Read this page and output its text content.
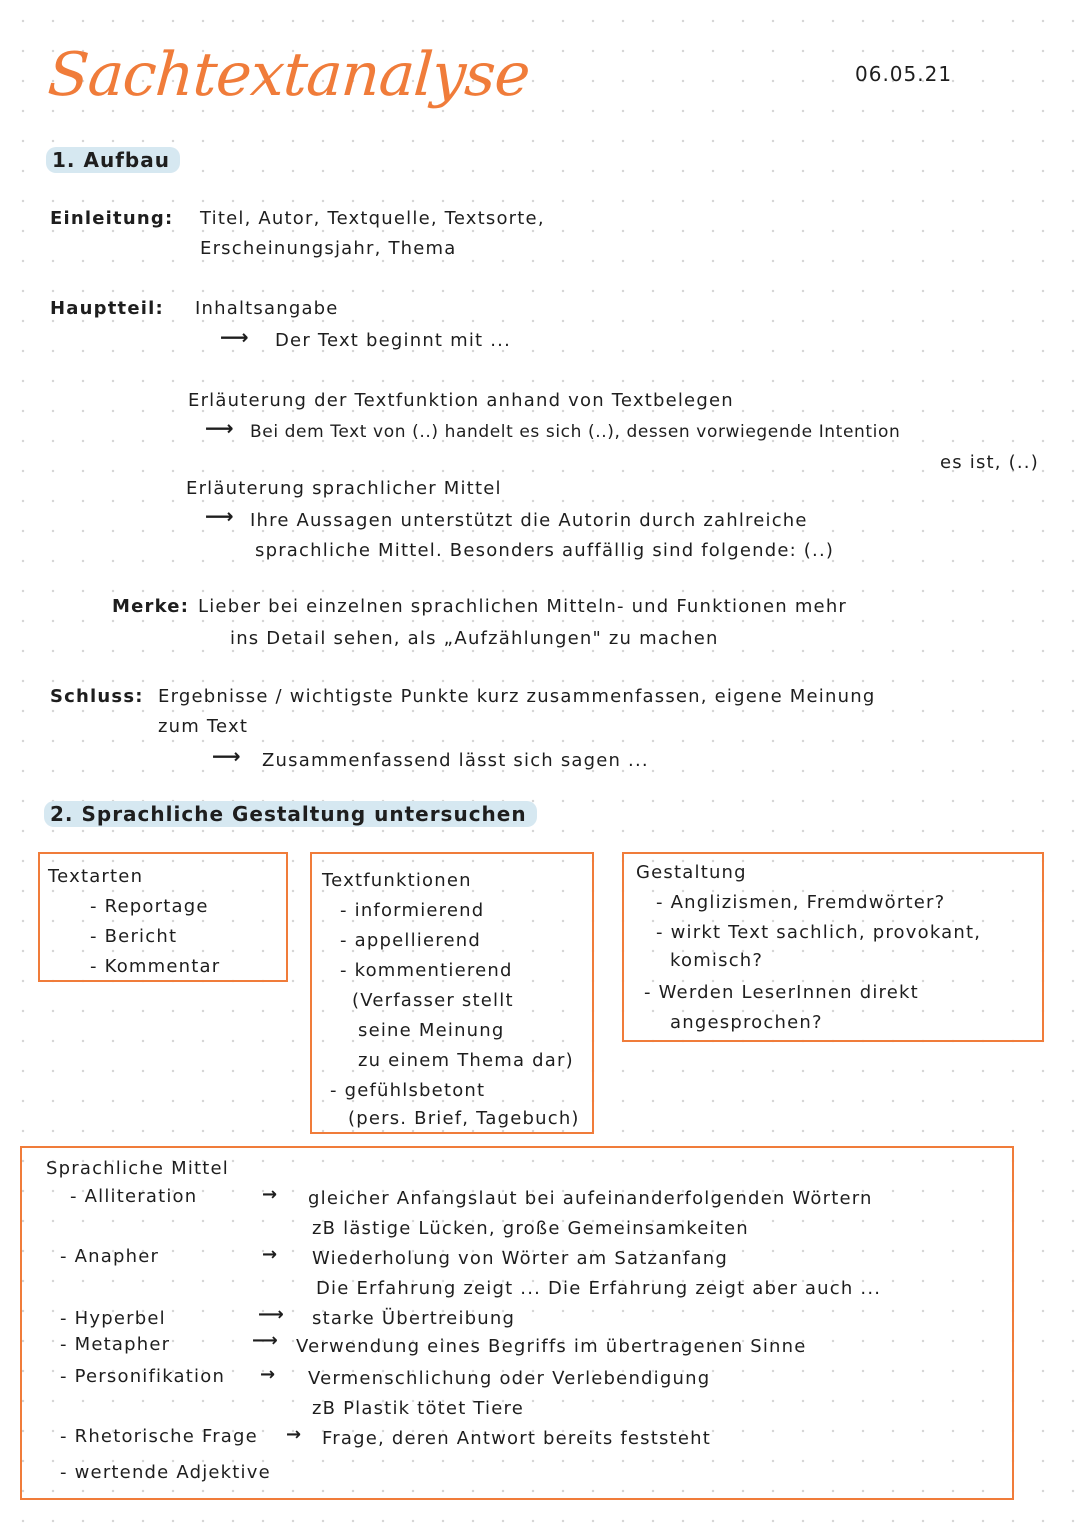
Sachtextanalyse	06.05.21
1. Aufbau
Einleitung: Titel, Autor, Textquelle, Textsorte,
Erscheinungsjahr, Thema
Hauptteil: Inhaltsangabe
⟶ Der Text beginnt mit ...
Erläuterung der Textfunktion anhand von Textbelegen
⟶ Bei dem Text von (..) handelt es sich (..), dessen vorwiegende Intention
es ist, (..)
Erläuterung sprachlicher Mittel
⟶ Ihre Aussagen unterstützt die Autorin durch zahlreiche
sprachliche Mittel. Besonders auffällig sind folgende: (..)
Merke: Lieber bei einzelnen sprachlichen Mitteln- und Funktionen mehr
ins Detail sehen, als „Aufzählungen" zu machen
Schluss: Ergebnisse / wichtigste Punkte kurz zusammenfassen, eigene Meinung
zum Text
⟶ Zusammenfassend lässt sich sagen ...
2. Sprachliche Gestaltung untersuchen
Textarten
- Reportage
- Bericht
- Kommentar
Textfunktionen
- informierend
- appellierend
- kommentierend
(Verfasser stellt
seine Meinung
zu einem Thema dar)
- gefühlsbetont
(pers. Brief, Tagebuch)
Gestaltung
- Anglizismen, Fremdwörter?
- wirkt Text sachlich, provokant,
komisch?
- Werden LeserInnen direkt
angesprochen?
Sprachliche Mittel
- Alliteration	→ gleicher Anfangslaut bei aufeinanderfolgenden Wörtern
zB lästige Lücken, große Gemeinsamkeiten
- Anapher	→ Wiederholung von Wörter am Satzanfang
Die Erfahrung zeigt ... Die Erfahrung zeigt aber auch ...
- Hyperbel	⟶ starke Übertreibung
- Metapher	⟶ Verwendung eines Begriffs im übertragenen Sinne
- Personifikation → Vermenschlichung oder Verlebendigung
zB Plastik tötet Tiere
- Rhetorische Frage → Frage, deren Antwort bereits feststeht
- wertende Adjektive
